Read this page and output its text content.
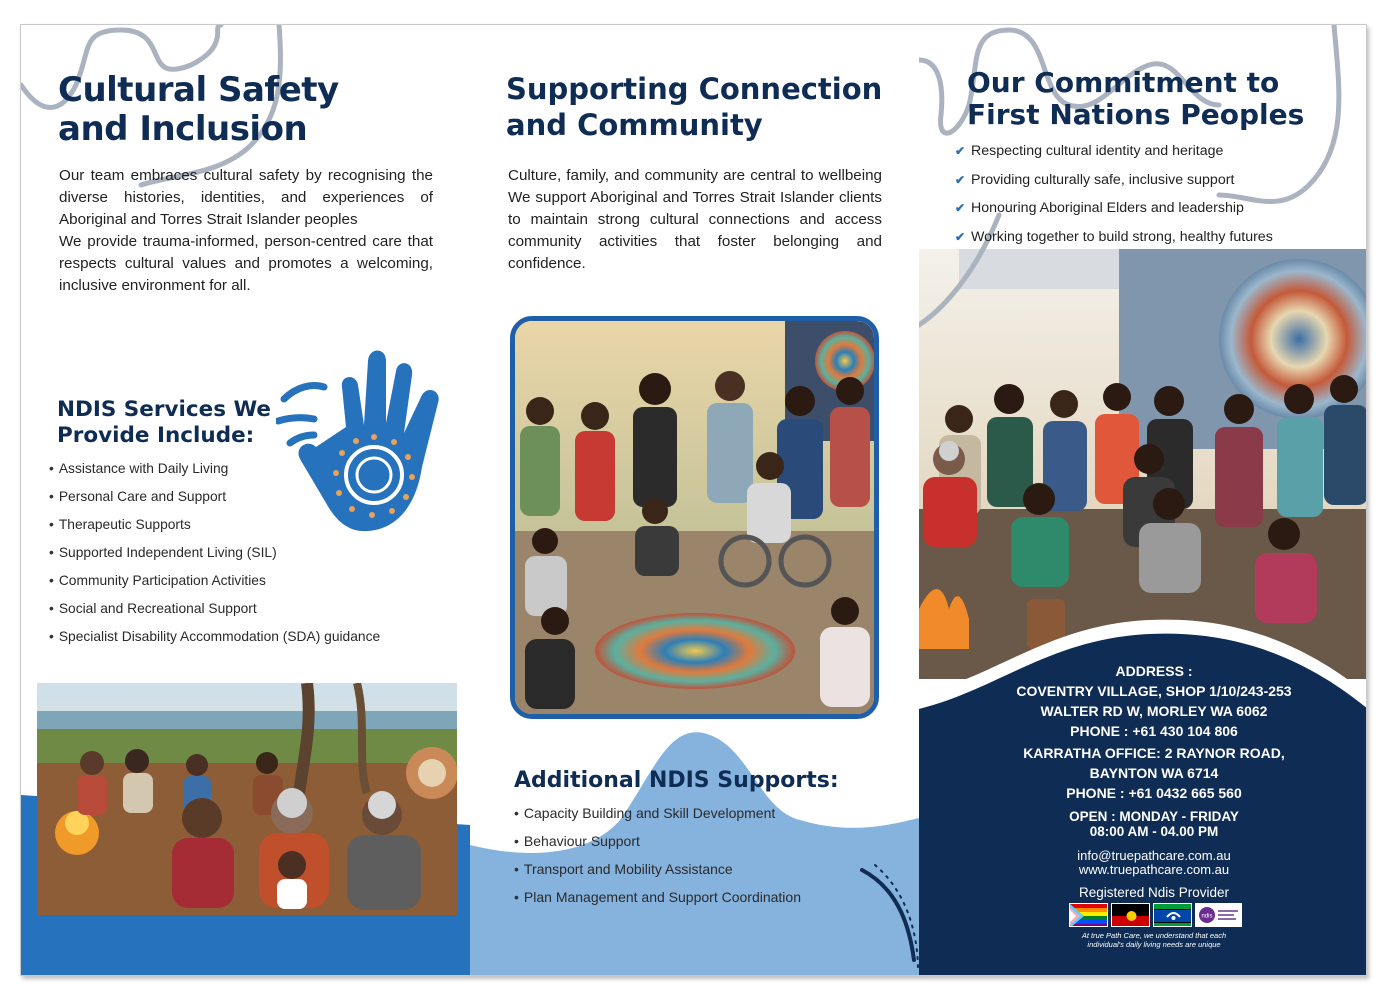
Cultural Safety
and Inclusion

Our team embraces cultural safety by recognising the diverse histories, identities, and experiences of Aboriginal and Torres Strait Islander peoples

We provide trauma-informed, person-centred care that respects cultural values and promotes a welcoming, inclusive environment for all.

NDIS Services We
Provide Include:
• Assistance with Daily Living
• Personal Care and Support
• Therapeutic Supports
• Supported Independent Living (SIL)
• Community Participation Activities
• Social and Recreational Support
• Specialist Disability Accommodation (SDA) guidance
Supporting Connection
and Community

Culture, family, and community are central to wellbeing We support Aboriginal and Torres Strait Islander clients to maintain strong cultural connections and access community activities that foster belonging and confidence.

Additional NDIS Supports:
• Capacity Building and Skill Development
• Behaviour Support
• Transport and Mobility Assistance
• Plan Management and Support Coordination
Our Commitment to
First Nations Peoples
✔ Respecting cultural identity and heritage
✔ Providing culturally safe, inclusive support
✔ Honouring Aboriginal Elders and leadership
✔ Working together to build strong, healthy futures
ADDRESS :
COVENTRY VILLAGE, SHOP 1/10/243-253
WALTER RD W, MORLEY WA 6062
PHONE : +61 430 104 806
KARRATHA OFFICE: 2 RAYNOR ROAD,
BAYNTON WA 6714
PHONE : +61 0432 665 560
OPEN : MONDAY - FRIDAY
08:00 AM - 04.00 PM
info@truepathcare.com.au
www.truepathcare.com.au
Registered Ndis Provider
ndis
At true Path Care, we understand that each
individual's daily living needs are unique
